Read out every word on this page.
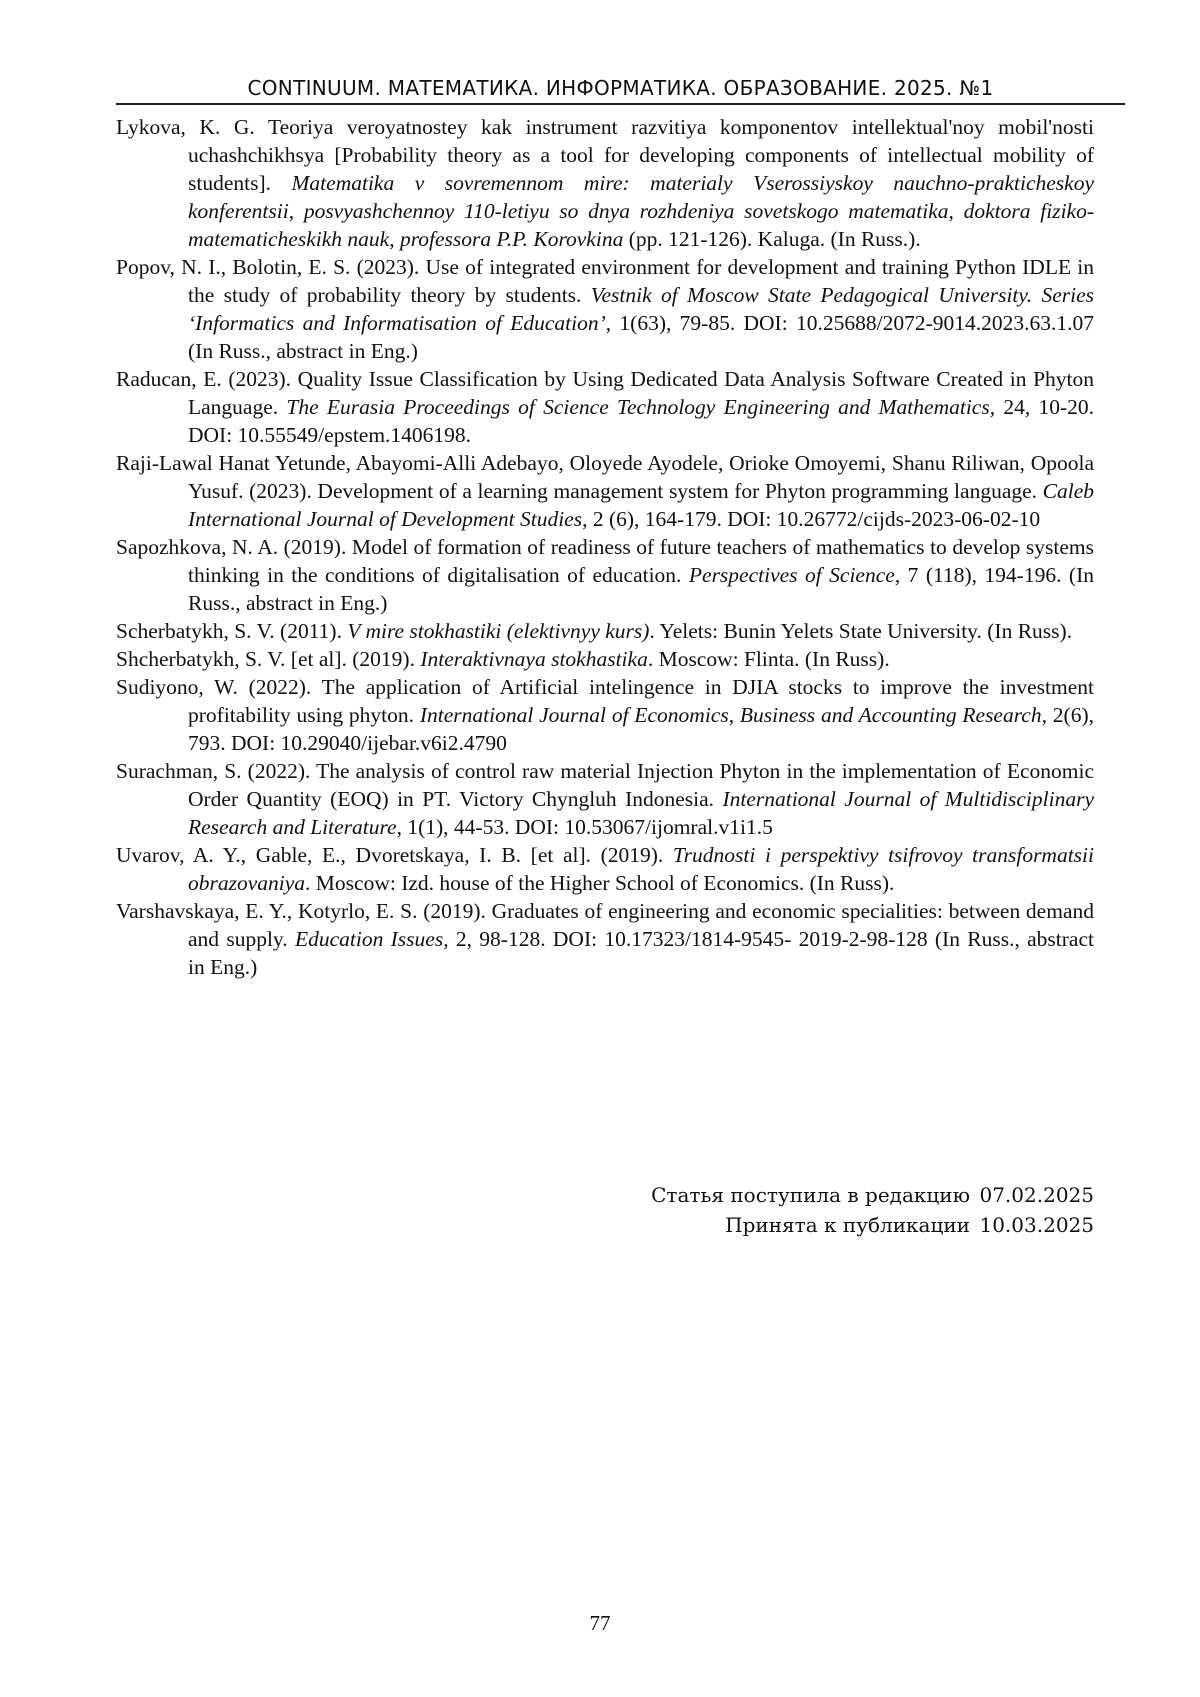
CONTINUUM. МАТЕМАТИКА. ИНФОРМАТИКА. ОБРАЗОВАНИЕ. 2025. №1

Lykova, K. G. Teoriya veroyatnostey kak instrument razvitiya komponentov intellektual'noy mobil'nosti uchashchikhsya [Probability theory as a tool for developing components of intellectual mobility of students]. Matematika v sovremennom mire: materialy Vserossiyskoy nauchno-prakticheskoy konferentsii, posvyashchennoy 110-letiyu so dnya rozhdeniya sovetskogo matematika, doktora fiziko-matematicheskikh nauk, professora P.P. Korovkina (pp. 121-126). Kaluga. (In Russ.).

Popov, N. I., Bolotin, E. S. (2023). Use of integrated environment for development and training Python IDLE in the study of probability theory by students. Vestnik of Moscow State Pedagogical University. Series ‘Informatics and Informatisation of Education’, 1(63), 79-85. DOI: 10.25688/2072-9014.2023.63.1.07 (In Russ., abstract in Eng.)

Raducan, E. (2023). Quality Issue Classification by Using Dedicated Data Analysis Software Created in Phyton Language. The Eurasia Proceedings of Science Technology Engineering and Mathematics, 24, 10-20. DOI: 10.55549/epstem.1406198.

Raji-Lawal Hanat Yetunde, Abayomi-Alli Adebayo, Oloyede Ayodele, Orioke Omoyemi, Shanu Riliwan, Opoola Yusuf. (2023). Development of a learning management system for Phyton programming language. Caleb International Journal of Development Studies, 2 (6), 164-179. DOI: 10.26772/cijds-2023-06-02-10

Sapozhkova, N. A. (2019). Model of formation of readiness of future teachers of mathematics to develop systems thinking in the conditions of digitalisation of education. Perspectives of Science, 7 (118), 194-196. (In Russ., abstract in Eng.)

Scherbatykh, S. V. (2011). V mire stokhastiki (elektivnyy kurs). Yelets: Bunin Yelets State University. (In Russ).

Shcherbatykh, S. V. [et al]. (2019). Interaktivnaya stokhastika. Moscow: Flinta. (In Russ).

Sudiyono, W. (2022). The application of Artificial intelingence in DJIA stocks to improve the investment profitability using phyton. International Journal of Economics, Business and Accounting Research, 2(6), 793. DOI: 10.29040/ijebar.v6i2.4790

Surachman, S. (2022). The analysis of control raw material Injection Phyton in the implementation of Economic Order Quantity (EOQ) in PT. Victory Chyngluh Indonesia. International Journal of Multidisciplinary Research and Literature, 1(1), 44-53. DOI: 10.53067/ijomral.v1i1.5

Uvarov, A. Y., Gable, E., Dvoretskaya, I. B. [et al]. (2019). Trudnosti i perspektivy tsifrovoy transformatsii obrazovaniya. Moscow: Izd. house of the Higher School of Economics. (In Russ).

Varshavskaya, E. Y., Kotyrlo, E. S. (2019). Graduates of engineering and economic specialities: between demand and supply. Education Issues, 2, 98-128. DOI: 10.17323/1814-9545- 2019-2-98-128 (In Russ., abstract in Eng.)

Статья поступила в редакцию 07.02.2025
Принята к публикации 10.03.2025
77
